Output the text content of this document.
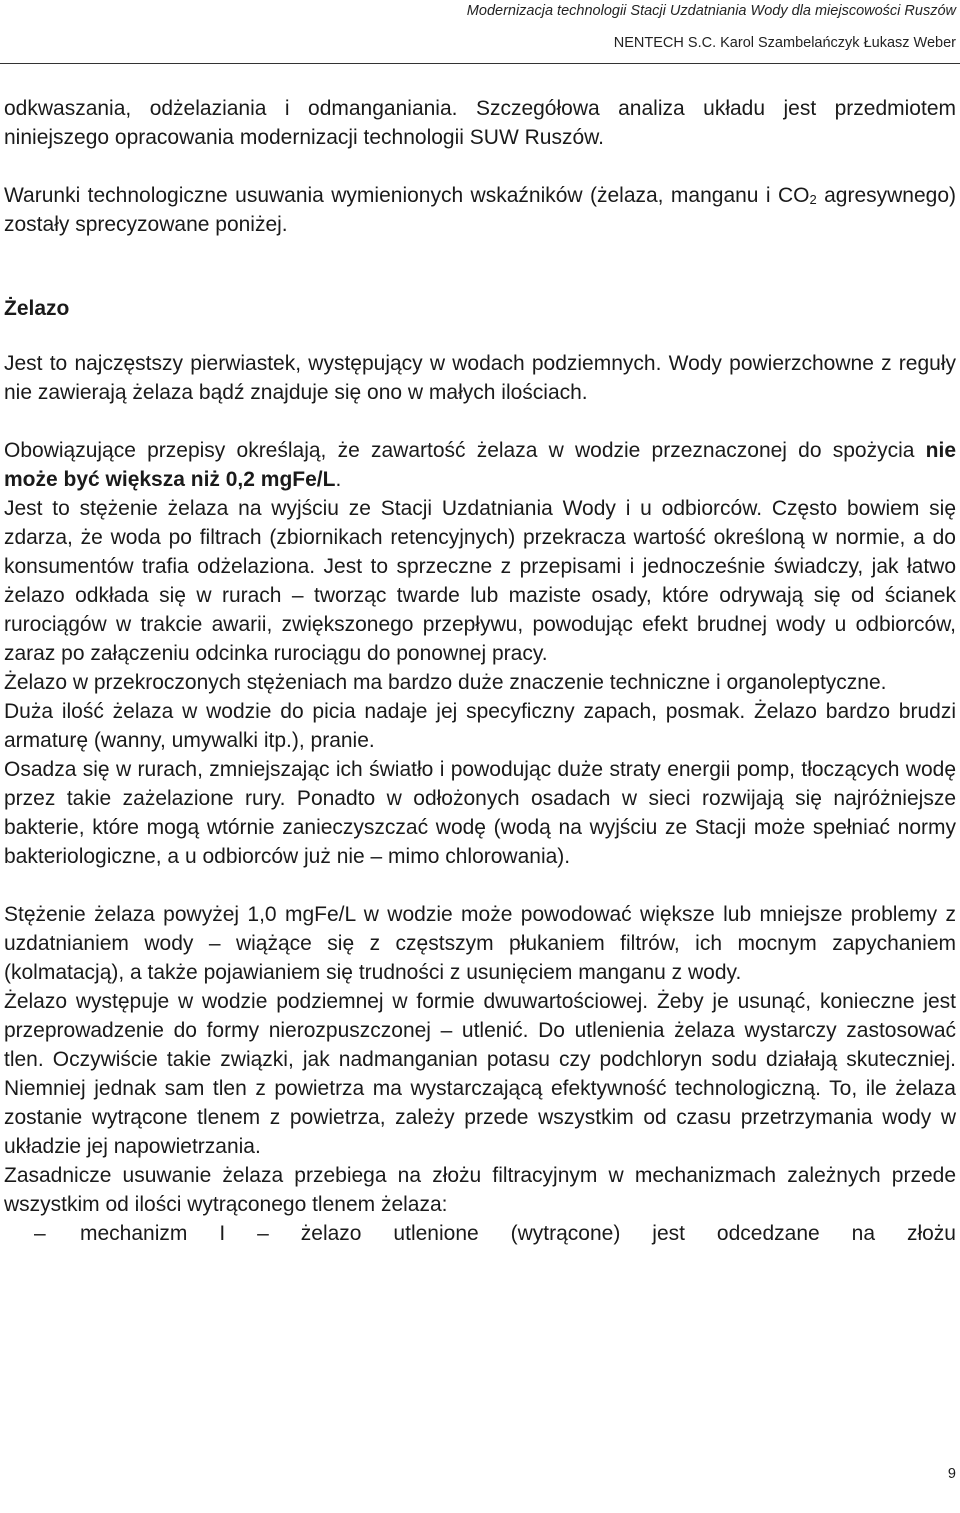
Modernizacja technologii Stacji Uzdatniania Wody dla miejscowości Ruszów
NENTECH S.C. Karol Szambelańczyk Łukasz Weber

odkwaszania, odżelaziania i odmanganiania. Szczegółowa analiza układu jest przedmiotem niniejszego opracowania modernizacji technologii SUW Ruszów.

Warunki technologiczne usuwania wymienionych wskaźników (żelaza, manganu i $CO_2$ agresywnego) zostały sprecyzowane poniżej.

Żelazo

Jest to najczęstszy pierwiastek, występujący w wodach podziemnych. Wody powierzchowne z reguły nie zawierają żelaza bądź znajduje się ono w małych ilościach.

Obowiązujące przepisy określają, że zawartość żelaza w wodzie przeznaczonej do spożycia nie może być większa niż 0,2 mgFe/L.

Jest to stężenie żelaza na wyjściu ze Stacji Uzdatniania Wody i u odbiorców. Często bowiem się zdarza, że woda po filtrach (zbiornikach retencyjnych) przekracza wartość określoną w normie, a do konsumentów trafia odżelaziona. Jest to sprzeczne z przepisami i jednocześnie świadczy, jak łatwo żelazo odkłada się w rurach – tworząc twarde lub maziste osady, które odrywają się od ścianek rurociągów w trakcie awarii, zwiększonego przepływu, powodując efekt brudnej wody u odbiorców, zaraz po załączeniu odcinka rurociągu do ponownej pracy.

Żelazo w przekroczonych stężeniach ma bardzo duże znaczenie techniczne i organoleptyczne.

Duża ilość żelaza w wodzie do picia nadaje jej specyficzny zapach, posmak. Żelazo bardzo brudzi armaturę (wanny, umywalki itp.), pranie.

Osadza się w rurach, zmniejszając ich światło i powodując duże straty energii pomp, tłoczących wodę przez takie zażelazione rury. Ponadto w odłożonych osadach w sieci rozwijają się najróżniejsze bakterie, które mogą wtórnie zanieczyszczać wodę (wodą na wyjściu ze Stacji może spełniać normy bakteriologiczne, a u odbiorców już nie – mimo chlorowania).

Stężenie żelaza powyżej 1,0 mgFe/L w wodzie może powodować większe lub mniejsze problemy z uzdatnianiem wody – wiążące się z częstszym płukaniem filtrów, ich mocnym zapychaniem (kolmatacją), a także pojawianiem się trudności z usunięciem manganu z wody.

Żelazo występuje w wodzie podziemnej w formie dwuwartościowej. Żeby je usunąć, konieczne jest przeprowadzenie do formy nierozpuszczonej – utlenić. Do utlenienia żelaza wystarczy zastosować tlen. Oczywiście takie związki, jak nadmanganian potasu czy podchloryn sodu działają skuteczniej. Niemniej jednak sam tlen z powietrza ma wystarczającą efektywność technologiczną. To, ile żelaza zostanie wytrącone tlenem z powietrza, zależy przede wszystkim od czasu przetrzymania wody w układzie jej napowietrzania.

Zasadnicze usuwanie żelaza przebiega na złożu filtracyjnym w mechanizmach zależnych przede wszystkim od ilości wytrąconego tlenem żelaza:

–	mechanizm I – żelazo utlenione (wytrącone) jest odcedzane na złożu
9
